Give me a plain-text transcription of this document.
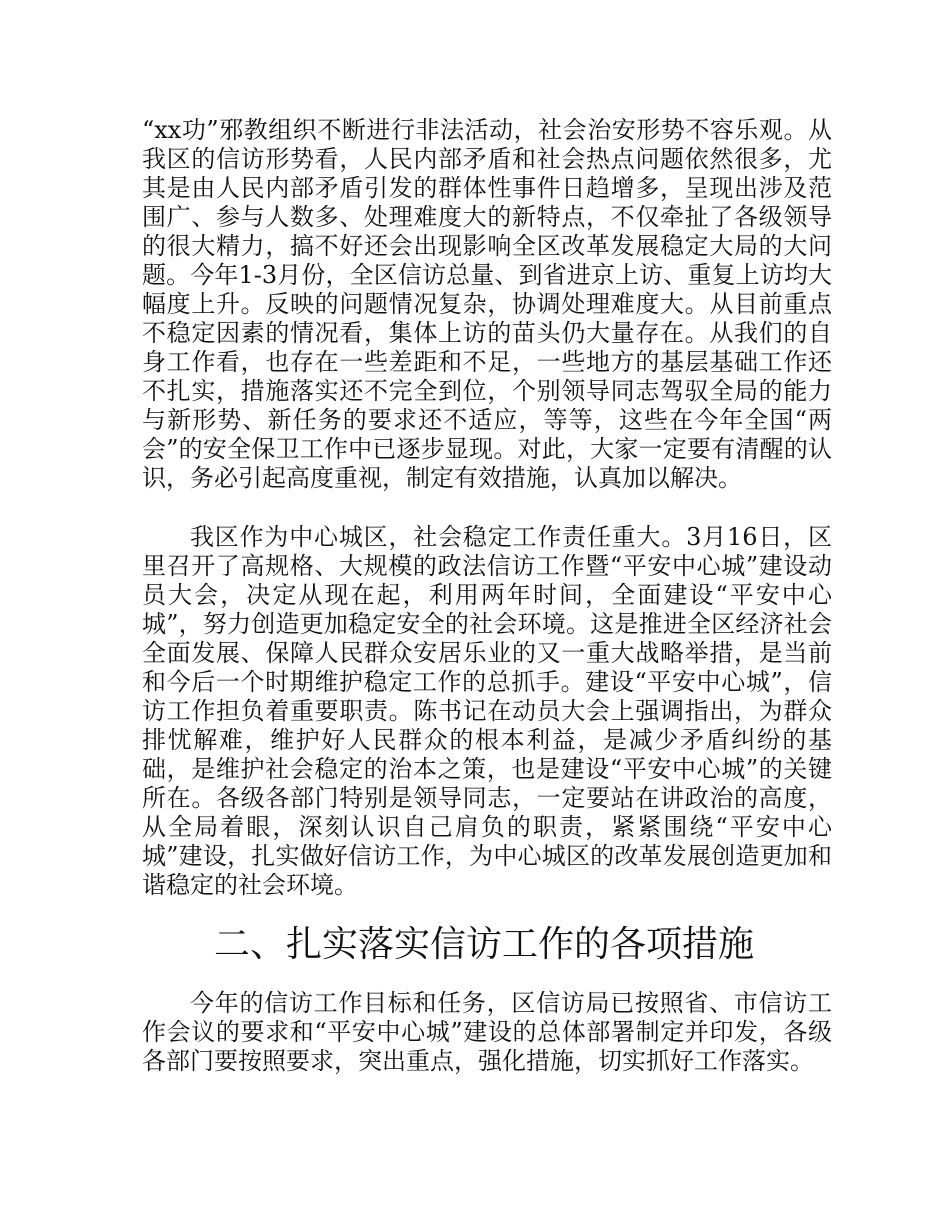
“xx功”邪教组织不断进行非法活动，社会治安形势不容乐观。从我区的信访形势看，人民内部矛盾和社会热点问题依然很多，尤其是由人民内部矛盾引发的群体性事件日趋增多，呈现出涉及范围广、参与人数多、处理难度大的新特点，不仅牵扯了各级领导的很大精力，搞不好还会出现影响全区改革发展稳定大局的大问题。今年1-3月份，全区信访总量、到省进京上访、重复上访均大幅度上升。反映的问题情况复杂，协调处理难度大。从目前重点不稳定因素的情况看，集体上访的苗头仍大量存在。从我们的自身工作看，也存在一些差距和不足，一些地方的基层基础工作还不扎实，措施落实还不完全到位，个别领导同志驾驭全局的能力与新形势、新任务的要求还不适应，等等，这些在今年全国“两会”的安全保卫工作中已逐步显现。对此，大家一定要有清醒的认识，务必引起高度重视，制定有效措施，认真加以解决。

我区作为中心城区，社会稳定工作责任重大。3月16日，区里召开了高规格、大规模的政法信访工作暨“平安中心城”建设动员大会，决定从现在起，利用两年时间，全面建设“平安中心城”，努力创造更加稳定安全的社会环境。这是推进全区经济社会全面发展、保障人民群众安居乐业的又一重大战略举措，是当前和今后一个时期维护稳定工作的总抓手。建设“平安中心城”，信访工作担负着重要职责。陈书记在动员大会上强调指出，为群众排忧解难，维护好人民群众的根本利益，是减少矛盾纠纷的基础，是维护社会稳定的治本之策，也是建设“平安中心城”的关键所在。各级各部门特别是领导同志，一定要站在讲政治的高度，从全局着眼，深刻认识自己肩负的职责，紧紧围绕“平安中心城”建设，扎实做好信访工作，为中心城区的改革发展创造更加和谐稳定的社会环境。

二、扎实落实信访工作的各项措施

今年的信访工作目标和任务，区信访局已按照省、市信访工作会议的要求和“平安中心城”建设的总体部署制定并印发，各级各部门要按照要求，突出重点，强化措施，切实抓好工作落实。
